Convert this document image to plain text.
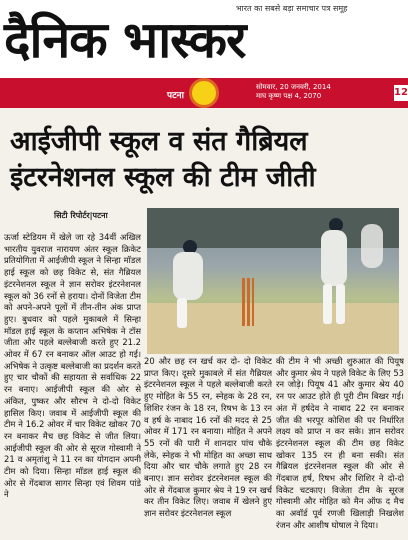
दैनिक भास्कर
भारत का सबसे बड़ा समाचार पत्र समूह
पटना
सोमवार, 20 जनवरी, 2014
माघ कृष्ण पक्ष 4, 2070	12
आईजीपी स्कूल व संत गैब्रियल
इंटरनेशनल स्कूल की टीम जीती
सिटी रिपोर्टर|पटना
ऊर्जा स्टेडियम में खेले जा रहे 34वीं अखिल भारतीय युवराज नारायण अंतर स्कूल क्रिकेट प्रतियोगिता में आईजीपी स्कूल ने सिन्हा मॉडल हाई स्कूल को छह विकेट से, संत गैब्रियल इंटरनेशनल स्कूल ने ज्ञान सरोवर इंटरनेशनल स्कूल को 36 रनों से हराया। दोनों विजेता टीम को अपने-अपने पूलों में तीन-तीन अंक प्राप्त हुए। बुधवार को पहले मुकाबले में सिन्हा मॉडल हाई स्कूल के कप्तान अभिषेक ने टॉस जीता और पहले बल्लेबाजी करते हुए 21.2 ओवर में 67 रन बनाकर ऑल आउट हो गई। अभिषेक ने उत्कृष्ट बल्लेबाजी का प्रदर्शन करते हुए चार चौकों की सहायता से सर्वाधिक 22 रन बनाए। आईजीपी स्कूल की ओर से अंकित, पुष्कर और सौरभ ने दो-दो विकेट हासिल किए। जवाब में आईजीपी स्कूल की टीम ने 16.2 ओवर में चार विकेट खोकर 70 रन बनाकर मैच छह विकेट से जीत लिया। आईजीपी स्कूल की ओर से सूरज गोस्वामी ने 21 व अमृतांशु ने 11 रन का योगदान अपनी टीम को दिया। सिन्हा मॉडल हाई स्कूल की ओर से गेंदबाज सागर सिन्हा एवं शिवम पांडे ने
20 और छह रन खर्च कर दो- दो विकेट प्राप्त किए। दूसरे मुकाबले में संत गैब्रियल इंटरनेशनल स्कूल ने पहले बल्लेबाजी करते हुए मोहित के 55 रन, स्नेहक के 28 रन, शिशिर रंजन के 18 रन, रिषभ के 13 रन व हर्ष के नाबाद 16 रनों की मदद से 25 ओवर में 171 रन बनाया। मोहित ने अपने 55 रनों की पारी में शानदार पांच चौके लेके, स्नेहक ने भी मोहित का अच्छा साथ दिया और चार चौके लगाते हुए 28 रन बनाए। ज्ञान सरोवर इंटरनेशनल स्कूल की ओर से गेंदबाज कुमार श्रेय ने 19 रन खर्च कर तीन विकेट लिए। जवाब में खेलने हुए ज्ञान सरोवर इंटरनेशनल स्कूल
की टीम ने भी अच्छी शुरुआत की पियूष और कुमार श्रेय ने पहले विकेट के लिए 53 रन जोड़े। पियूष 41 और कुमार श्रेय 40 रन पर आउट होते ही पूरी टीम बिखर गई। अंत में हर्षदेव ने नाबाद 22 रन बनाकर जीत की भरपूर कोशिश की पर निर्धारित लक्ष्य को प्राप्त न कर सके। ज्ञान सरोवर इंटरनेशनल स्कूल की टीम छह विकेट खोकर 135 रन ही बना सकी। संत गैब्रियल इंटरनेशनल स्कूल की ओर से गेंदबाज हर्ष, रिषभ और शिशिर ने दो-दो विकेट चटकाए। विजेता टीम के सूरज गोस्वामी और मोहित को मैन ऑफ द मैच का अवॉर्ड पूर्व रणजी खिलाड़ी निखलेश रंजन और आशीष घोषाल ने दिया।
